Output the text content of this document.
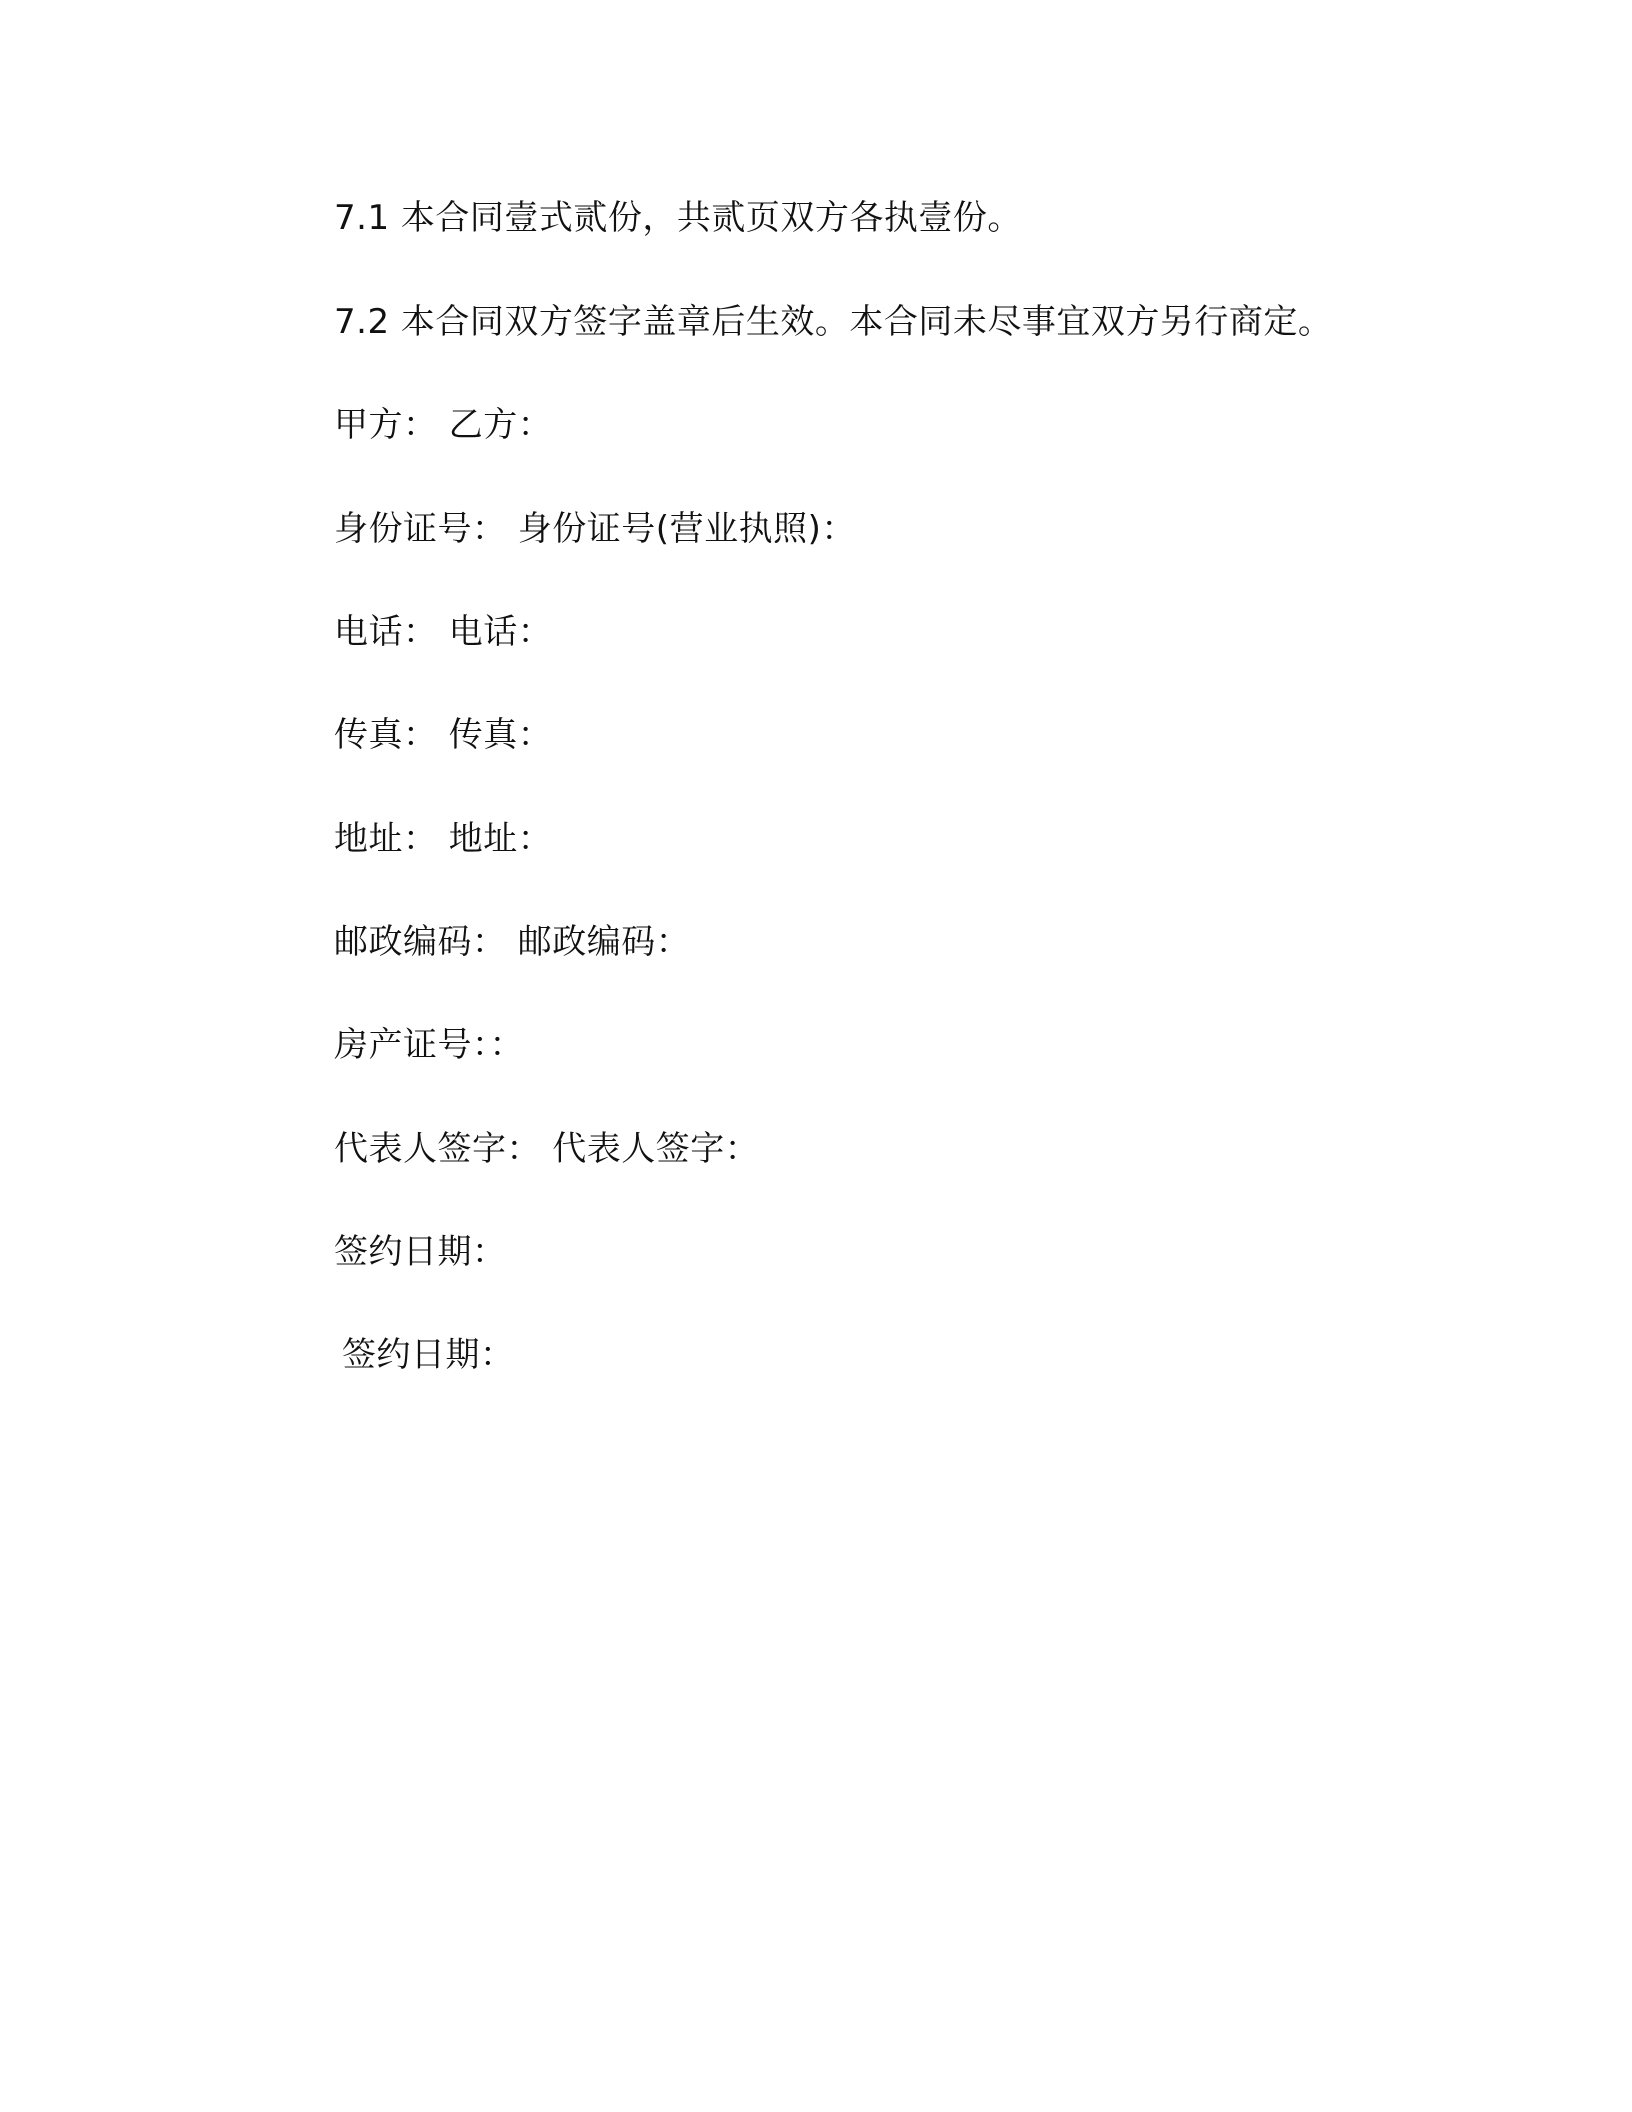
7.1 本合同壹式贰份，共贰页双方各执壹份。
7.2 本合同双方签字盖章后生效。本合同未尽事宜双方另行商定。
甲方： 乙方：
身份证号： 身份证号(营业执照)：
电话： 电话：
传真： 传真：
地址： 地址：
邮政编码： 邮政编码：
房产证号：：
代表人签字： 代表人签字：
签约日期：
签约日期：
